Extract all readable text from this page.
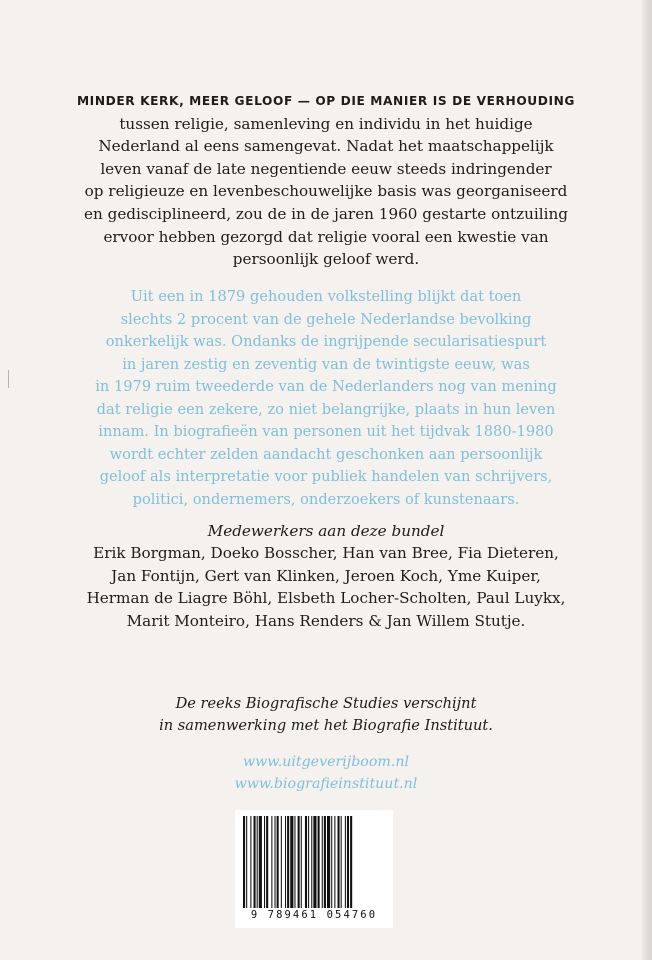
MINDER KERK, MEER GELOOF — OP DIE MANIER IS DE VERHOUDING
tussen religie, samenleving en individu in het huidige
Nederland al eens samengevat. Nadat het maatschappelijk
leven vanaf de late negentiende eeuw steeds indringender
op religieuze en levenbeschouwelijke basis was georganiseerd
en gedisciplineerd, zou de in de jaren 1960 gestarte ontzuiling
ervoor hebben gezorgd dat religie vooral een kwestie van
persoonlijk geloof werd.
Uit een in 1879 gehouden volkstelling blijkt dat toen
slechts 2 procent van de gehele Nederlandse bevolking
onkerkelijk was. Ondanks de ingrijpende secularisatiespurt
in jaren zestig en zeventig van de twintigste eeuw, was
in 1979 ruim tweederde van de Nederlanders nog van mening
dat religie een zekere, zo niet belangrijke, plaats in hun leven
innam. In biografieën van personen uit het tijdvak 1880-1980
wordt echter zelden aandacht geschonken aan persoonlijk
geloof als interpretatie voor publiek handelen van schrijvers,
politici, ondernemers, onderzoekers of kunstenaars.
Medewerkers aan deze bundel
Erik Borgman, Doeko Bosscher, Han van Bree, Fia Dieteren,
Jan Fontijn, Gert van Klinken, Jeroen Koch, Yme Kuiper,
Herman de Liagre Böhl, Elsbeth Locher-Scholten, Paul Luykx,
Marit Monteiro, Hans Renders & Jan Willem Stutje.
De reeks Biografische Studies verschijnt
in samenwerking met het Biografie Instituut.
www.uitgeverijboom.nl
www.biografieinstituut.nl
9 789461 054760
